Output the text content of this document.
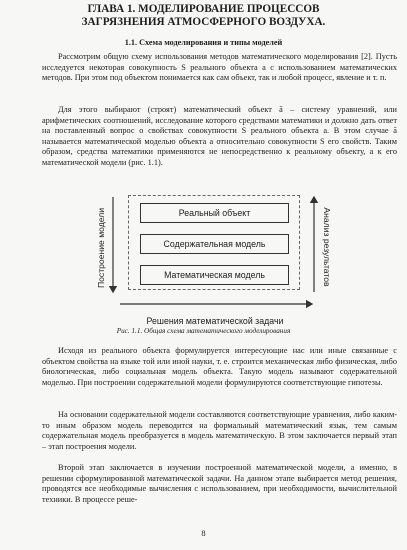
ГЛАВА 1. МОДЕЛИРОВАНИЕ ПРОЦЕССОВ ЗАГРЯЗНЕНИЯ АТМОСФЕРНОГО ВОЗДУХА.
1.1. Схема моделирования и типы моделей

Рассмотрим общую схему использования методов математического моделирования [2]. Пусть исследуется некоторая совокупность S реального объекта a с использованием математических методов. При этом под объектом понимается как сам объект, так и любой процесс, явление и т. п.

Для этого выбирают (строят) математический объект ā – систему уравнений, или арифметических соотношений, исследование которого средствами математики и должно дать ответ на поставленный вопрос о свойствах совокупности S реального объекта a. В этом случае ā называется математической моделью объекта a относительно совокупности S его свойств. Таким образом, средства математики применяются не непосредственно к реальному объекту, а к его математической модели (рис. 1.1).

Реальный объект
Содержательная модель
Математическая модель
Построение модели	Анализ результатов
Решения математической задачи
Рис. 1.1. Общая схема математического моделирования

Исходя из реального объекта формулируется интересующие нас или иные связанные с объектом свойства на языке той или иной науки, т. е. строится механическая либо физическая, либо биологическая, либо социальная модель объекта. Такую модель называют содержательной моделью. При построении содержательной модели формулируются соответствующие гипотезы.

На основании содержательной модели составляются соответствующие уравнения, либо каким-то иным образом модель переводится на формальный математический язык, тем самым содержательная модель преобразуется в модель математическую. В этом заключается первый этап – этап построения модели.

Второй этап заключается в изучении построенной математической модели, а именно, в решении сформулированной математической задачи. На данном этапе выбирается метод решения, проводятся все необходимые вычисления с использованием, при необходимости, вычислительной техники. В процессе реше-

8
